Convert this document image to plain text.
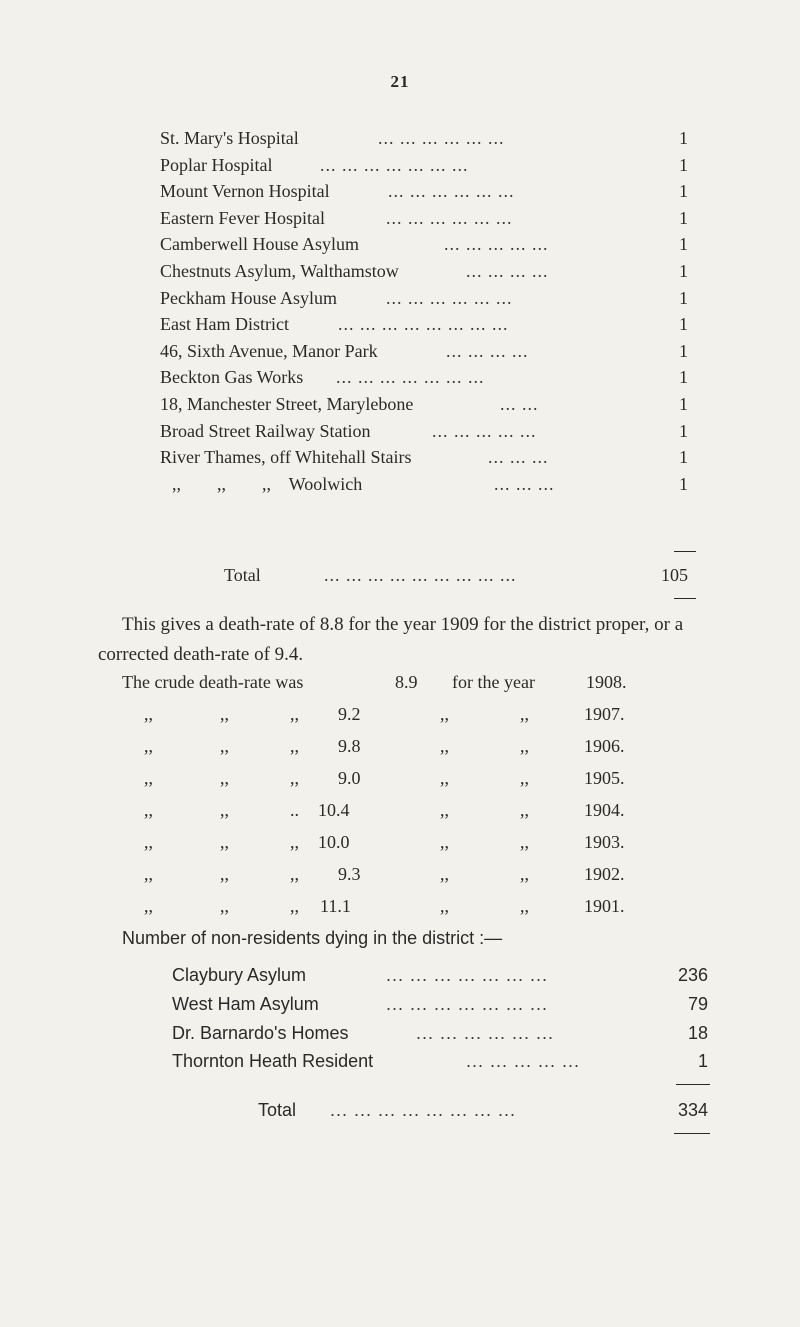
21
St. Mary's Hospital	... ... ... ... ... ...	1
Poplar Hospital	... ... ... ... ... ... ...	1
Mount Vernon Hospital	... ... ... ... ... ...	1
Eastern Fever Hospital	... ... ... ... ... ...	1
Camberwell House Asylum	... ... ... ... ...	1
Chestnuts Asylum, Walthamstow	... ... ... ...	1
Peckham House Asylum	... ... ... ... ... ...	1
East Ham District	... ... ... ... ... ... ... ...	1
46, Sixth Avenue, Manor Park	... ... ... ...	1
Beckton Gas Works ... ... ... ... ... ... ...	1
18, Manchester Street, Marylebone	... ...	1
Broad Street Railway Station	... ... ... ... ...	1
River Thames, off Whitehall Stairs	... ... ...	1
,,        ,,        ,,    Woolwich	... ... ...	1
Total	... ... ... ... ... ... ... ... ...	105
This gives a death-rate of 8.8 for the year 1909 for the district proper, or a corrected death-rate of 9.4.
The crude death-rate was	8.9 for the year	1908.
,,	,,	,, 9.2	,,	,,	1907.
,,	,,	,, 9.8	,,	,,	1906.
,,	,,	,, 9.0	,,	,,	1905.
,,	,,	.. 10.4	,,	,,	1904.
,,	,,	,, 10.0	,,	,,	1903.
,,	,,	,, 9.3	,,	,,	1902.
,,	,,	,, 11.1	,,	,,	1901.
Number of non-residents dying in the district :—
Claybury Asylum	... ... ... ... ... ... ...	236
West Ham Asylum	... ... ... ... ... ... ...	79
Dr. Barnardo's Homes	... ... ... ... ... ...	18
Thornton Heath Resident	... ... ... ... ...	1
Total ... ... ... ... ... ... ... ...	334
